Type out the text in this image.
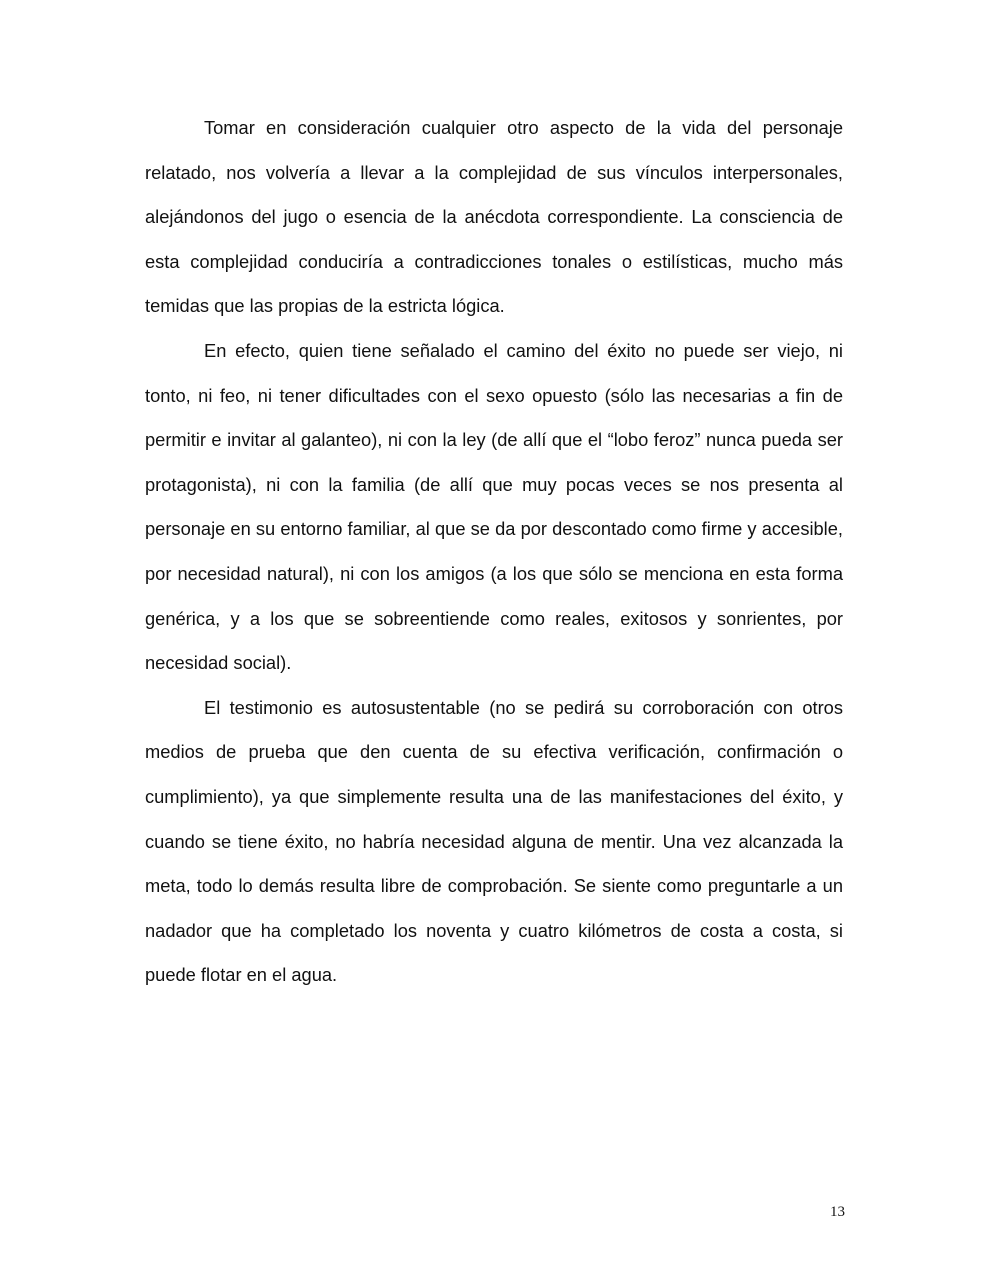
Tomar en consideración cualquier otro aspecto de la vida del personaje relatado, nos volvería a llevar a la complejidad de sus vínculos interpersonales, alejándonos del jugo o esencia de la anécdota correspondiente. La consciencia de esta complejidad conduciría a contradicciones tonales o estilísticas, mucho más temidas que las propias de la estricta lógica.

En efecto, quien tiene señalado el camino del éxito no puede ser viejo, ni tonto, ni feo, ni tener dificultades con el sexo opuesto (sólo las necesarias a fin de permitir e invitar al galanteo), ni con la ley (de allí que el “lobo feroz” nunca pueda ser protagonista), ni con la familia (de allí que muy pocas veces se nos presenta al personaje en su entorno familiar, al que se da por descontado como firme y accesible, por necesidad natural), ni con los amigos (a los que sólo se menciona en esta forma genérica, y a los que se sobreentiende como reales, exitosos y sonrientes, por necesidad social).

El testimonio es autosustentable (no se pedirá su corroboración con otros medios de prueba que den cuenta de su efectiva verificación, confirmación o cumplimiento), ya que simplemente resulta una de las manifestaciones del éxito, y cuando se tiene éxito, no habría necesidad alguna de mentir. Una vez alcanzada la meta, todo lo demás resulta libre de comprobación. Se siente como preguntarle a un nadador que ha completado los noventa y cuatro kilómetros de costa a costa, si puede flotar en el agua.

13
